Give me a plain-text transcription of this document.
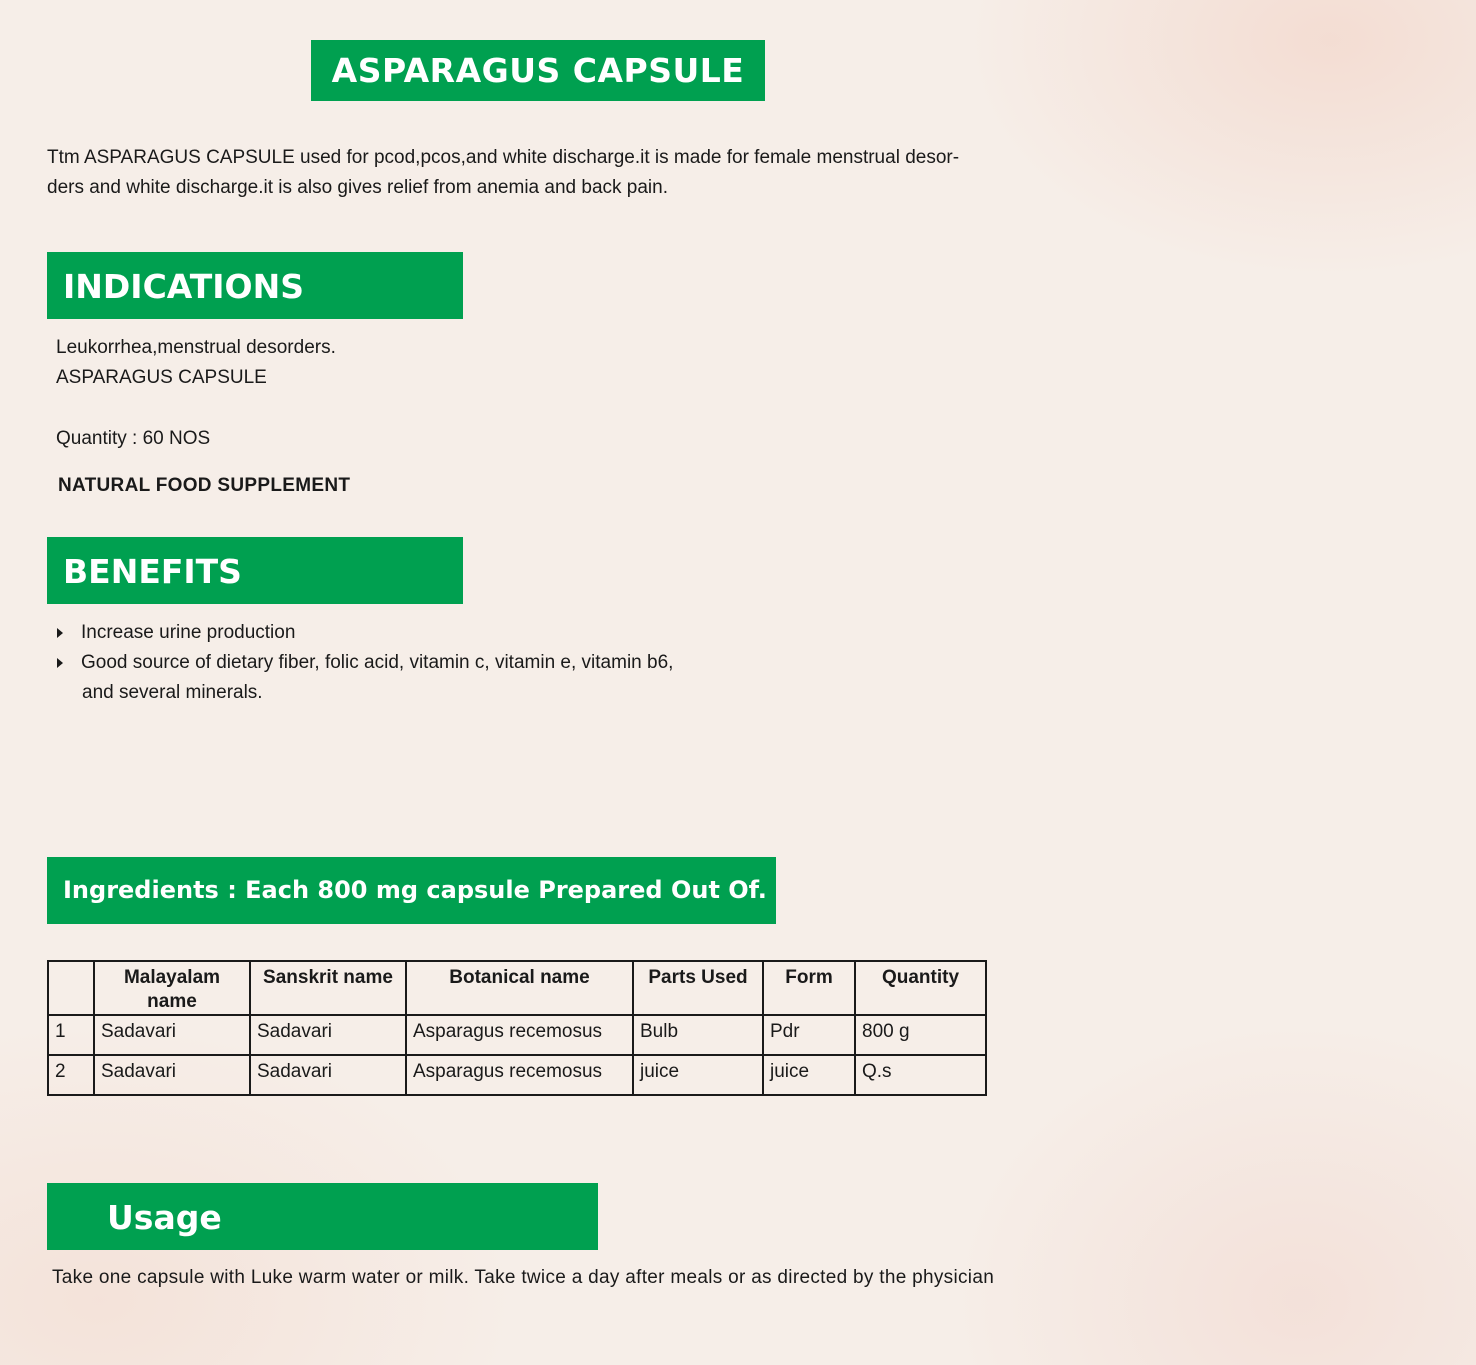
ASPARAGUS CAPSULE
Ttm ASPARAGUS CAPSULE used for pcod,pcos,and white discharge.it is made for female menstrual desor-
ders and white discharge.it is also gives relief from anemia and back pain.
INDICATIONS
Leukorrhea,menstrual desorders.
ASPARAGUS CAPSULE
Quantity : 60 NOS
NATURAL FOOD SUPPLEMENT
BENEFITS
Increase urine production
Good source of dietary fiber, folic acid, vitamin c, vitamin e, vitamin b6,
and several minerals.
Ingredients : Each 800 mg capsule Prepared Out Of.
	Malayalam name	Sanskrit name	Botanical name	Parts Used	Form	Quantity
1	Sadavari	Sadavari	Asparagus recemosus	Bulb	Pdr	800 g
2	Sadavari	Sadavari	Asparagus recemosus	juice	juice	Q.s
Usage
Take one capsule with Luke warm water or milk. Take twice a day after meals or as directed by the physician
